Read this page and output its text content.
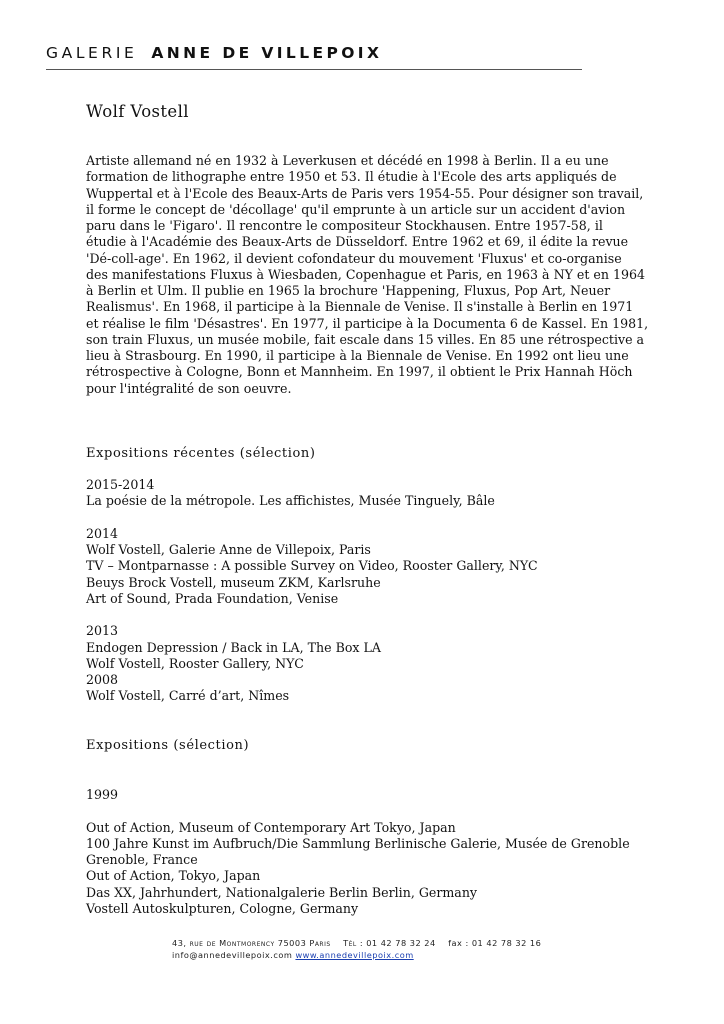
GALERIE ANNE DE VILLEPOIX
Wolf Vostell
Artiste allemand né en 1932 à Leverkusen et décédé en 1998 à Berlin. Il a eu une
formation de lithographe entre 1950 et 53. Il étudie à l'Ecole des arts appliqués de
Wuppertal et à l'Ecole des Beaux-Arts de Paris vers 1954-55. Pour désigner son travail,
il forme le concept de 'décollage' qu'il emprunte à un article sur un accident d'avion
paru dans le 'Figaro'. Il rencontre le compositeur Stockhausen. Entre 1957-58, il
étudie à l'Académie des Beaux-Arts de Düsseldorf. Entre 1962 et 69, il édite la revue
'Dé-coll-age'. En 1962, il devient cofondateur du mouvement 'Fluxus' et co-organise
des manifestations Fluxus à Wiesbaden, Copenhague et Paris, en 1963 à NY et en 1964
à Berlin et Ulm. Il publie en 1965 la brochure 'Happening, Fluxus, Pop Art, Neuer
Realismus'. En 1968, il participe à la Biennale de Venise. Il s'installe à Berlin en 1971
et réalise le film 'Désastres'. En 1977, il participe à la Documenta 6 de Kassel. En 1981,
son train Fluxus, un musée mobile, fait escale dans 15 villes. En 85 une rétrospective a
lieu à Strasbourg. En 1990, il participe à la Biennale de Venise. En 1992 ont lieu une
rétrospective à Cologne, Bonn et Mannheim. En 1997, il obtient le Prix Hannah Höch
pour l'intégralité de son oeuvre.
Expositions récentes (sélection)
2015-2014
La poésie de la métropole. Les affichistes, Musée Tinguely, Bâle
2014
Wolf Vostell, Galerie Anne de Villepoix, Paris
TV – Montparnasse : A possible Survey on Video, Rooster Gallery, NYC
Beuys Brock Vostell, museum ZKM, Karlsruhe
Art of Sound, Prada Foundation, Venise
2013
Endogen Depression / Back in LA, The Box LA
Wolf Vostell, Rooster Gallery, NYC
2008
Wolf Vostell, Carré d’art, Nîmes
Expositions (sélection)
1999
Out of Action, Museum of Contemporary Art Tokyo, Japan
100 Jahre Kunst im Aufbruch/Die Sammlung Berlinische Galerie, Musée de Grenoble
Grenoble, France
Out of Action, Tokyo, Japan
Das XX, Jahrhundert, Nationalgalerie Berlin Berlin, Germany
Vostell Autoskulpturen, Cologne, Germany
43, rue de Montmorency 75003 Paris Tél : 01 42 78 32 24 fax : 01 42 78 32 16
info@annedevillepoix.com www.annedevillepoix.com
